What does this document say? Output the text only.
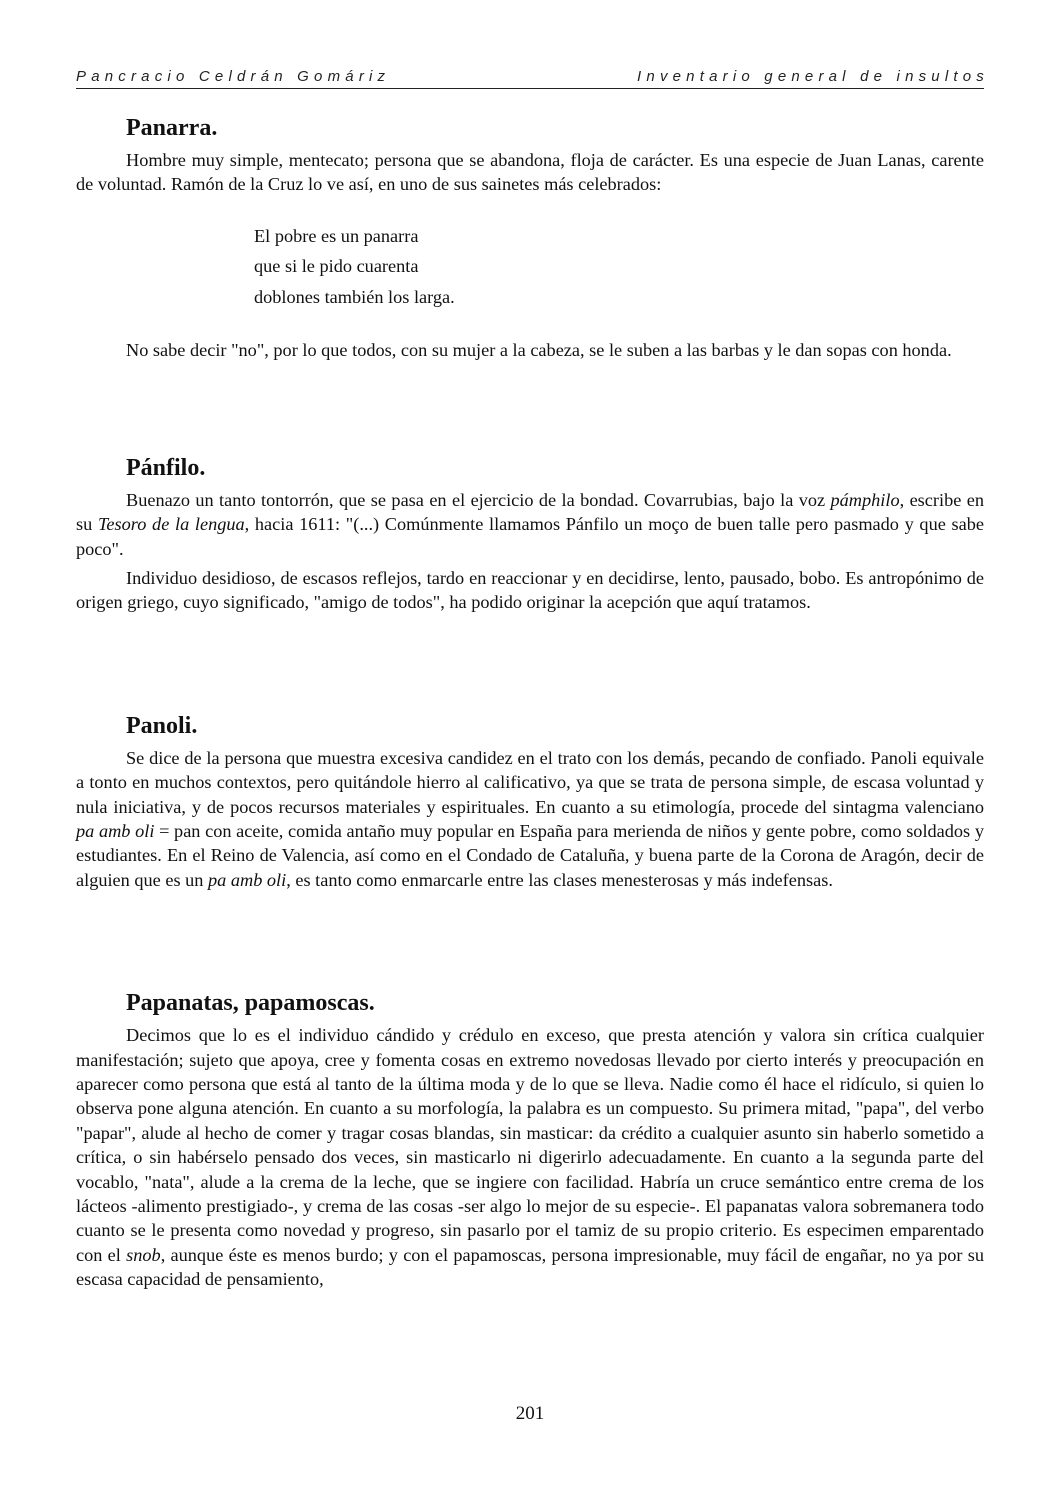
Pancracio Celdrán Gomáriz	Inventario general de insultos
Panarra.

Hombre muy simple, mentecato; persona que se abandona, floja de carácter. Es una especie de Juan Lanas, carente de voluntad. Ramón de la Cruz lo ve así, en uno de sus sainetes más celebrados:

El pobre es un panarra
que si le pido cuarenta
doblones también los larga.

No sabe decir "no", por lo que todos, con su mujer a la cabeza, se le suben a las barbas y le dan sopas con honda.

Pánfilo.

Buenazo un tanto tontorrón, que se pasa en el ejercicio de la bondad. Covarrubias, bajo la voz pámphilo, escribe en su Tesoro de la lengua, hacia 1611: "(...) Comúnmente llamamos Pánfilo un moço de buen talle pero pasmado y que sabe poco".

Individuo desidioso, de escasos reflejos, tardo en reaccionar y en decidirse, lento, pausado, bobo. Es antropónimo de origen griego, cuyo significado, "amigo de todos", ha podido originar la acepción que aquí tratamos.

Panoli.

Se dice de la persona que muestra excesiva candidez en el trato con los demás, pecando de confiado. Panoli equivale a tonto en muchos contextos, pero quitándole hierro al calificativo, ya que se trata de persona simple, de escasa voluntad y nula iniciativa, y de pocos recursos materiales y espirituales. En cuanto a su etimología, procede del sintagma valenciano pa amb oli = pan con aceite, comida antaño muy popular en España para merienda de niños y gente pobre, como soldados y estudiantes. En el Reino de Valencia, así como en el Condado de Cataluña, y buena parte de la Corona de Aragón, decir de alguien que es un pa amb oli, es tanto como enmarcarle entre las clases menesterosas y más indefensas.

Papanatas, papamoscas.

Decimos que lo es el individuo cándido y crédulo en exceso, que presta atención y valora sin crítica cualquier manifestación; sujeto que apoya, cree y fomenta cosas en extremo novedosas llevado por cierto interés y preocupación en aparecer como persona que está al tanto de la última moda y de lo que se lleva. Nadie como él hace el ridículo, si quien lo observa pone alguna atención. En cuanto a su morfología, la palabra es un compuesto. Su primera mitad, "papa", del verbo "papar", alude al hecho de comer y tragar cosas blandas, sin masticar: da crédito a cualquier asunto sin haberlo sometido a crítica, o sin habérselo pensado dos veces, sin masticarlo ni digerirlo adecuadamente. En cuanto a la segunda parte del vocablo, "nata", alude a la crema de la leche, que se ingiere con facilidad. Habría un cruce semántico entre crema de los lácteos -alimento prestigiado-, y crema de las cosas -ser algo lo mejor de su especie-. El papanatas valora sobremanera todo cuanto se le presenta como novedad y progreso, sin pasarlo por el tamiz de su propio criterio. Es especimen emparentado con el snob, aunque éste es menos burdo; y con el papamoscas, persona impresionable, muy fácil de engañar, no ya por su escasa capacidad de pensamiento,

201
